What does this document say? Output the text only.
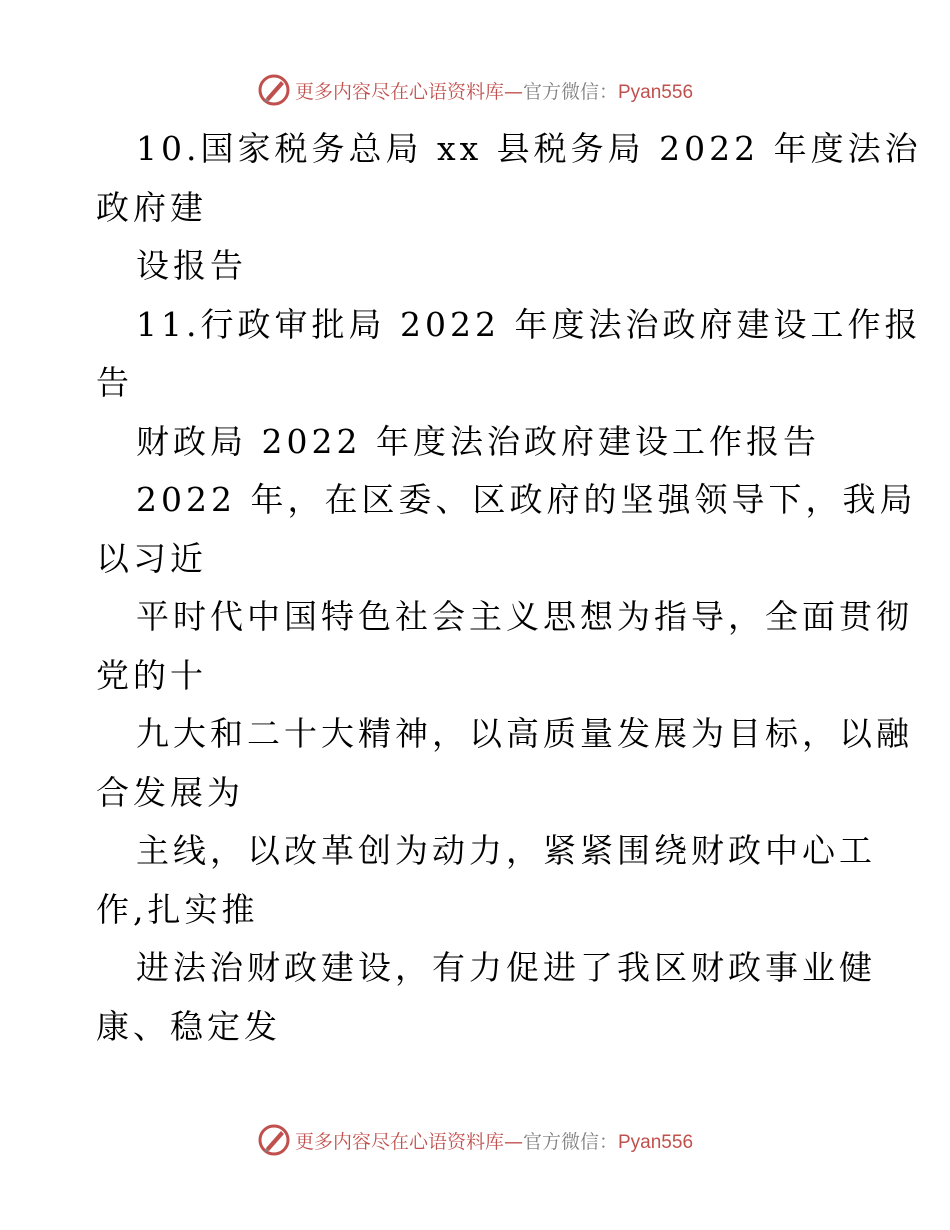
更多内容尽在心语资料库—官方微信：Pyan556
10.国家税务总局 xx 县税务局 2022 年度法治
政府建
设报告
11.行政审批局 2022 年度法治政府建设工作报
告
财政局 2022 年度法治政府建设工作报告
2022 年，在区委、区政府的坚强领导下，我局
以习近
平时代中国特色社会主义思想为指导，全面贯彻
党的十
九大和二十大精神，以高质量发展为目标，以融
合发展为
主线，以改革创为动力，紧紧围绕财政中心工
作,扎实推
进法治财政建设，有力促进了我区财政事业健
康、稳定发
更多内容尽在心语资料库—官方微信：Pyan556
